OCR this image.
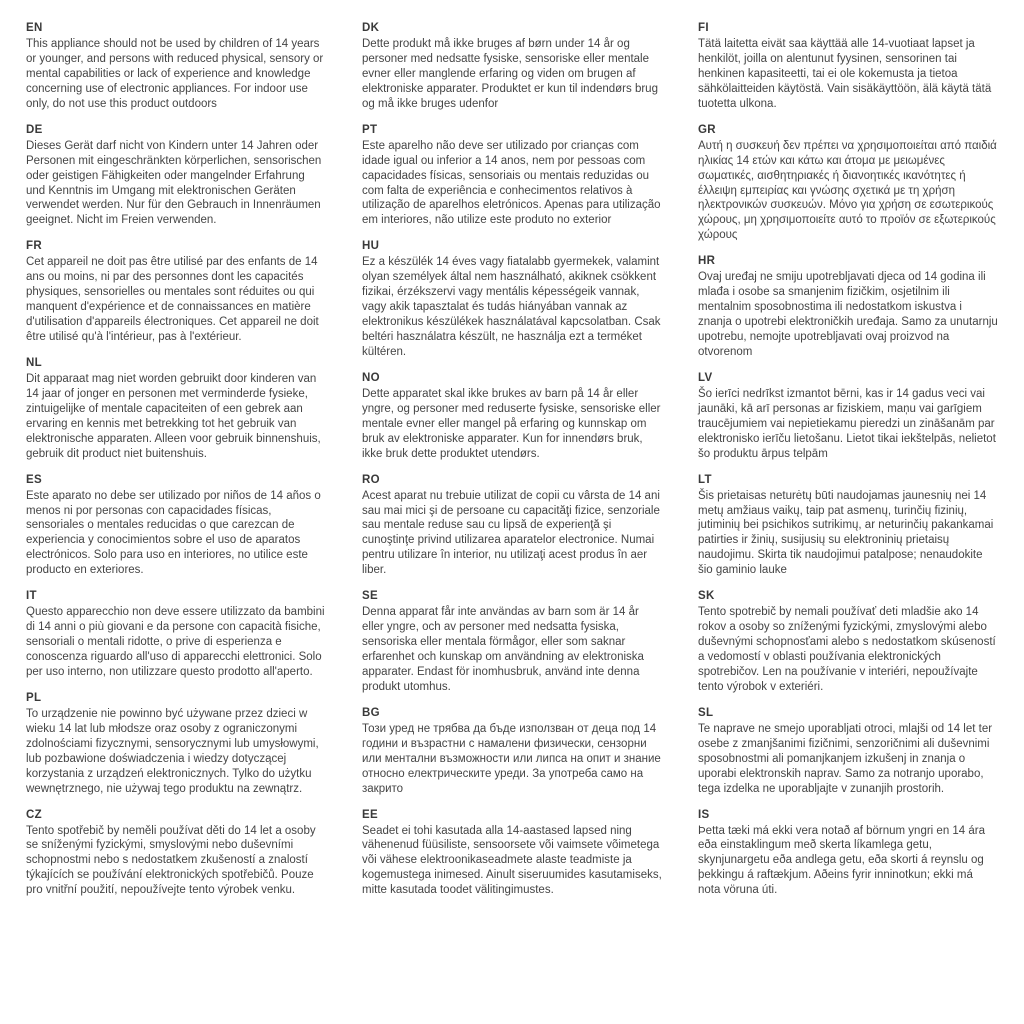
EN

This appliance should not be used by children of 14 years or younger, and persons with reduced physical, sensory or mental capabilities or lack of experience and knowledge concerning use of electronic appliances. For indoor use only, do not use this product outdoors

DE

Dieses Gerät darf nicht von Kindern unter 14 Jahren oder Personen mit eingeschränkten körperlichen, sensorischen oder geistigen Fähigkeiten oder mangelnder Erfahrung und Kenntnis im Umgang mit elektronischen Geräten verwendet werden. Nur für den Gebrauch in Innenräumen geeignet. Nicht im Freien verwenden.

FR

Cet appareil ne doit pas être utilisé par des enfants de 14 ans ou moins, ni par des personnes dont les capacités physiques, sensorielles ou mentales sont réduites ou qui manquent d'expérience et de connaissances en matière d'utilisation d'appareils électroniques. Cet appareil ne doit être utilisé qu'à l'intérieur, pas à l'extérieur.

NL

Dit apparaat mag niet worden gebruikt door kinderen van 14 jaar of jonger en personen met verminderde fysieke, zintuigelijke of mentale capaciteiten of een gebrek aan ervaring en kennis met betrekking tot het gebruik van elektronische apparaten. Alleen voor gebruik binnenshuis, gebruik dit product niet buitenshuis.

ES

Este aparato no debe ser utilizado por niños de 14 años o menos ni por personas con capacidades físicas, sensoriales o mentales reducidas o que carezcan de experiencia y conocimientos sobre el uso de aparatos electrónicos. Solo para uso en interiores, no utilice este producto en exteriores.

IT

Questo apparecchio non deve essere utilizzato da bambini di 14 anni o più giovani e da persone con capacità fisiche, sensoriali o mentali ridotte, o prive di esperienza e conoscenza riguardo all'uso di apparecchi elettronici. Solo per uso interno, non utilizzare questo prodotto all'aperto.

PL

To urządzenie nie powinno być używane przez dzieci w wieku 14 lat lub młodsze oraz osoby z ograniczonymi zdolnościami fizycznymi, sensorycznymi lub umysłowymi, lub pozbawione doświadczenia i wiedzy dotyczącej korzystania z urządzeń elektronicznych. Tylko do użytku wewnętrznego, nie używaj tego produktu na zewnątrz.

CZ

Tento spotřebič by neměli používat děti do 14 let a osoby se sníženými fyzickými, smyslovými nebo duševními schopnostmi nebo s nedostatkem zkušeností a znalostí týkajících se používání elektronických spotřebičů. Pouze pro vnitřní použití, nepoužívejte tento výrobek venku.

DK

Dette produkt må ikke bruges af børn under 14 år og personer med nedsatte fysiske, sensoriske eller mentale evner eller manglende erfaring og viden om brugen af elektroniske apparater. Produktet er kun til indendørs brug og må ikke bruges udenfor

PT

Este aparelho não deve ser utilizado por crianças com idade igual ou inferior a 14 anos, nem por pessoas com capacidades físicas, sensoriais ou mentais reduzidas ou com falta de experiência e conhecimentos relativos à utilização de aparelhos eletrónicos. Apenas para utilização em interiores, não utilize este produto no exterior

HU

Ez a készülék 14 éves vagy fiatalabb gyermekek, valamint olyan személyek által nem használható, akiknek csökkent fizikai, érzékszervi vagy mentális képességeik vannak, vagy akik tapasztalat és tudás hiányában vannak az elektronikus készülékek használatával kapcsolatban. Csak beltéri használatra készült, ne használja ezt a terméket kültéren.

NO

Dette apparatet skal ikke brukes av barn på 14 år eller yngre, og personer med reduserte fysiske, sensoriske eller mentale evner eller mangel på erfaring og kunnskap om bruk av elektroniske apparater. Kun for innendørs bruk, ikke bruk dette produktet utendørs.

RO

Acest aparat nu trebuie utilizat de copii cu vârsta de 14 ani sau mai mici şi de persoane cu capacităţi fizice, senzoriale sau mentale reduse sau cu lipsă de experienţă şi cunoştinţe privind utilizarea aparatelor electronice. Numai pentru utilizare în interior, nu utilizaţi acest produs în aer liber.

SE

Denna apparat får inte användas av barn som är 14 år eller yngre, och av personer med nedsatta fysiska, sensoriska eller mentala förmågor, eller som saknar erfarenhet och kunskap om användning av elektroniska apparater. Endast för inomhusbruk, använd inte denna produkt utomhus.

BG

Този уред не трябва да бъде използван от деца под 14 години и възрастни с намалени физически, сензорни или ментални възможности или липса на опит и знание относно електрическите уреди. За употреба само на закрито

EE

Seadet ei tohi kasutada alla 14-aastased lapsed ning vähenenud füüsiliste, sensoorsete või vaimsete võimetega või vähese elektroonikaseadmete alaste teadmiste ja kogemustega inimesed. Ainult siseruumides kasutamiseks, mitte kasutada toodet välitingimustes.

FI

Tätä laitetta eivät saa käyttää alle 14-vuotiaat lapset ja henkilöt, joilla on alentunut fyysinen, sensorinen tai henkinen kapasiteetti, tai ei ole kokemusta ja tietoa sähkölaitteiden käytöstä. Vain sisäkäyttöön, älä käytä tätä tuotetta ulkona.

GR

Αυτή η συσκευή δεν πρέπει να χρησιμοποιείται από παιδιά ηλικίας 14 ετών και κάτω και άτομα με μειωμένες σωματικές, αισθητηριακές ή διανοητικές ικανότητες ή έλλειψη εμπειρίας και γνώσης σχετικά με τη χρήση ηλεκτρονικών συσκευών. Μόνο για χρήση σε εσωτερικούς χώρους, μη χρησιμοποιείτε αυτό το προϊόν σε εξωτερικούς χώρους

HR

Ovaj uređaj ne smiju upotrebljavati djeca od 14 godina ili mlađa i osobe sa smanjenim fizičkim, osjetilnim ili mentalnim sposobnostima ili nedostatkom iskustva i znanja o upotrebi elektroničkih uređaja. Samo za unutarnju upotrebu, nemojte upotrebljavati ovaj proizvod na otvorenom

LV

Šo ierīci nedrīkst izmantot bērni, kas ir 14 gadus veci vai jaunāki, kā arī personas ar fiziskiem, maņu vai garīgiem traucējumiem vai nepietiekamu pieredzi un zināšanām par elektronisko ierīču lietošanu. Lietot tikai iekštelpās, nelietot šo produktu ārpus telpām

LT

Šis prietaisas neturėtų būti naudojamas jaunesnių nei 14 metų amžiaus vaikų, taip pat asmenų, turinčių fizinių, jutiminių bei psichikos sutrikimų, ar neturinčių pakankamai patirties ir žinių, susijusių su elektroninių prietaisų naudojimu. Skirta tik naudojimui patalpose; nenaudokite šio gaminio lauke

SK

Tento spotrebič by nemali používať deti mladšie ako 14 rokov a osoby so zníženými fyzickými, zmyslovými alebo duševnými schopnosťami alebo s nedostatkom skúseností a vedomostí v oblasti používania elektronických spotrebičov. Len na používanie v interiéri, nepoužívajte tento výrobok v exteriéri.

SL

Te naprave ne smejo uporabljati otroci, mlajši od 14 let ter osebe z zmanjšanimi fizičnimi, senzoričnimi ali duševnimi sposobnostmi ali pomanjkanjem izkušenj in znanja o uporabi elektronskih naprav. Samo za notranjo uporabo, tega izdelka ne uporabljajte v zunanjih prostorih.

IS

Þetta tæki má ekki vera notað af börnum yngri en 14 ára eða einstaklingum með skerta líkamlega getu, skynjunargetu eða andlega getu, eða skorti á reynslu og þekkingu á raftækjum. Aðeins fyrir inninotkun; ekki má nota vöruna úti.
